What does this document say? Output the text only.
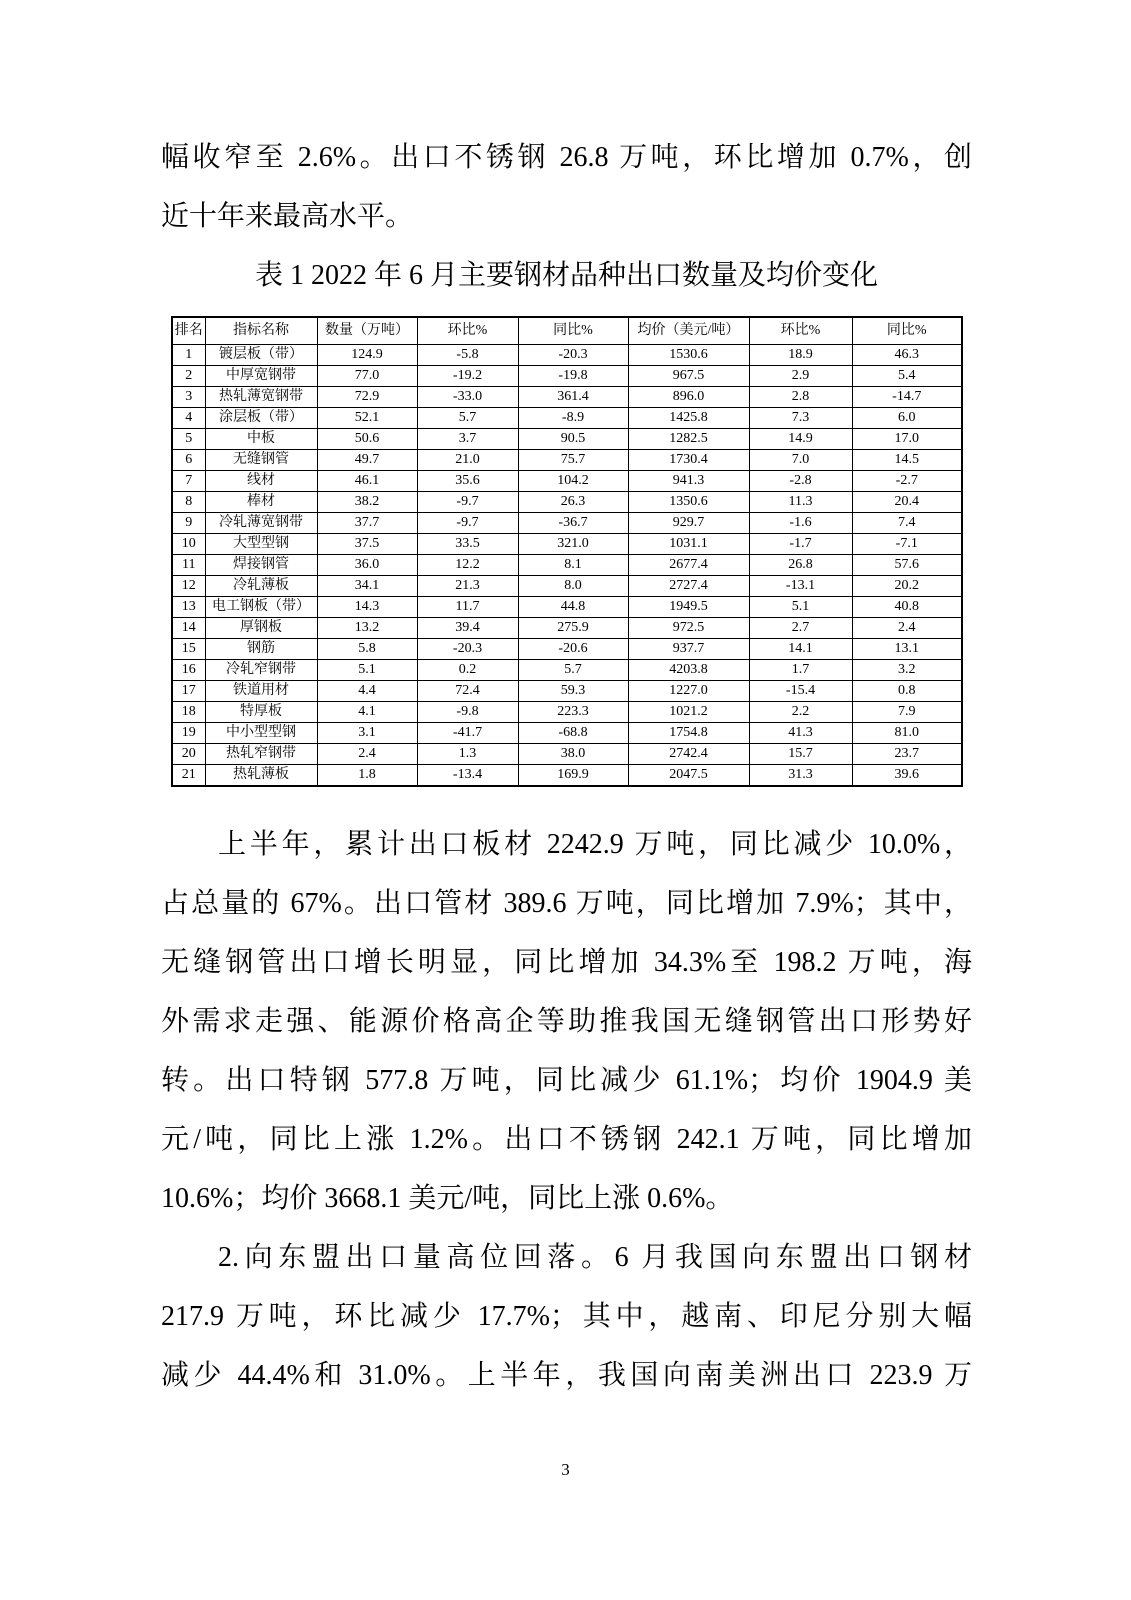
幅收窄至 2.6%。出口不锈钢 26.8 万吨，环比增加 0.7%，创
近十年来最高水平。
表 1 2022 年 6 月主要钢材品种出口数量及均价变化
排名	指标名称	数量（万吨）	环比%	同比%	均价（美元/吨）	环比%	同比%
1	镀层板（带）	124.9	-5.8	-20.3	1530.6	18.9	46.3
2	中厚宽钢带	77.0	-19.2	-19.8	967.5	2.9	5.4
3	热轧薄宽钢带	72.9	-33.0	361.4	896.0	2.8	-14.7
4	涂层板（带）	52.1	5.7	-8.9	1425.8	7.3	6.0
5	中板	50.6	3.7	90.5	1282.5	14.9	17.0
6	无缝钢管	49.7	21.0	75.7	1730.4	7.0	14.5
7	线材	46.1	35.6	104.2	941.3	-2.8	-2.7
8	棒材	38.2	-9.7	26.3	1350.6	11.3	20.4
9	冷轧薄宽钢带	37.7	-9.7	-36.7	929.7	-1.6	7.4
10	大型型钢	37.5	33.5	321.0	1031.1	-1.7	-7.1
11	焊接钢管	36.0	12.2	8.1	2677.4	26.8	57.6
12	冷轧薄板	34.1	21.3	8.0	2727.4	-13.1	20.2
13	电工钢板（带）	14.3	11.7	44.8	1949.5	5.1	40.8
14	厚钢板	13.2	39.4	275.9	972.5	2.7	2.4
15	钢筋	5.8	-20.3	-20.6	937.7	14.1	13.1
16	冷轧窄钢带	5.1	0.2	5.7	4203.8	1.7	3.2
17	铁道用材	4.4	72.4	59.3	1227.0	-15.4	0.8
18	特厚板	4.1	-9.8	223.3	1021.2	2.2	7.9
19	中小型型钢	3.1	-41.7	-68.8	1754.8	41.3	81.0
20	热轧窄钢带	2.4	1.3	38.0	2742.4	15.7	23.7
21	热轧薄板	1.8	-13.4	169.9	2047.5	31.3	39.6
上半年，累计出口板材 2242.9 万吨，同比减少 10.0%，
占总量的 67%。出口管材 389.6 万吨，同比增加 7.9%；其中，
无缝钢管出口增长明显，同比增加 34.3%至 198.2 万吨，海
外需求走强、能源价格高企等助推我国无缝钢管出口形势好
转。出口特钢 577.8 万吨，同比减少 61.1%；均价 1904.9 美
元/吨，同比上涨 1.2%。出口不锈钢 242.1 万吨，同比增加
10.6%；均价 3668.1 美元/吨，同比上涨 0.6%。
2.向东盟出口量高位回落。6 月我国向东盟出口钢材
217.9 万吨，环比减少 17.7%；其中，越南、印尼分别大幅
减少 44.4%和 31.0%。上半年，我国向南美洲出口 223.9 万
3
